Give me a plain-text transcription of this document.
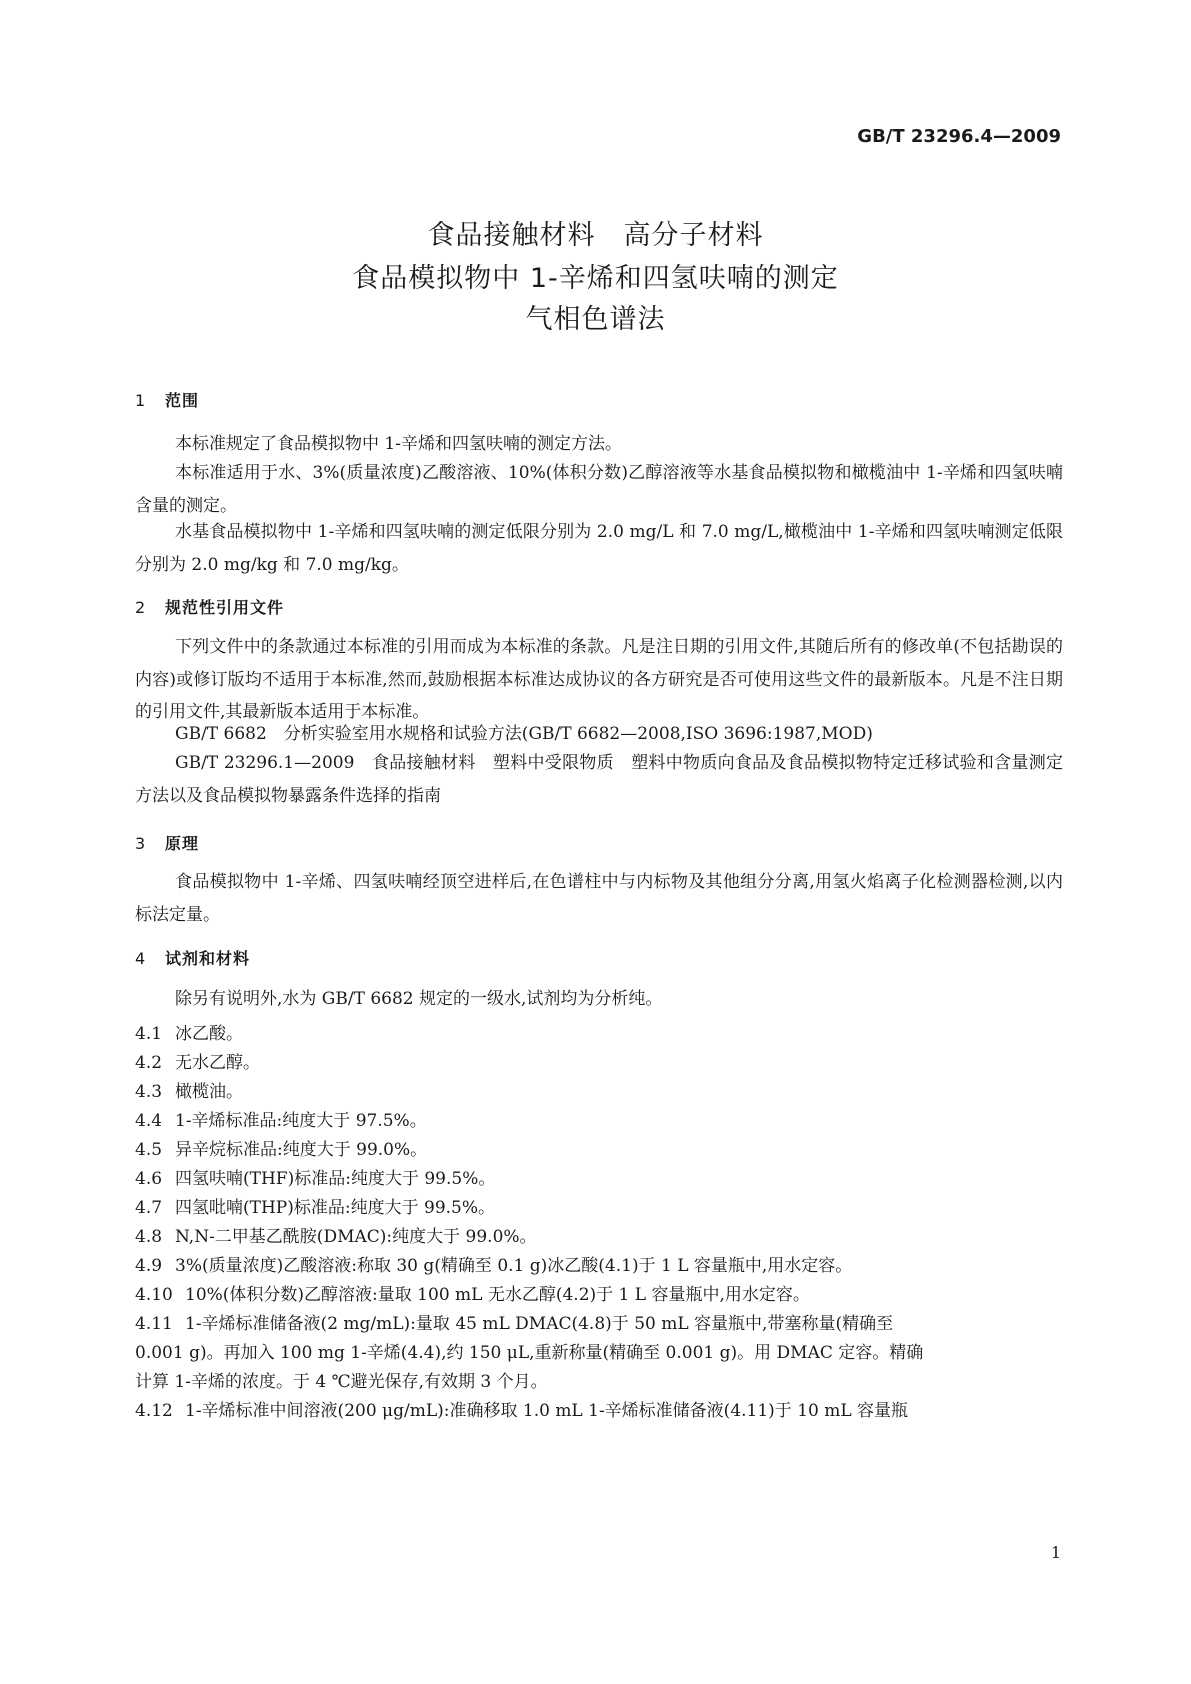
GB/T 23296.4—2009
食品接触材料　高分子材料
食品模拟物中 1-辛烯和四氢呋喃的测定
气相色谱法
1 范围
本标准规定了食品模拟物中 1-辛烯和四氢呋喃的测定方法。
本标准适用于水、3%(质量浓度)乙酸溶液、10%(体积分数)乙醇溶液等水基食品模拟物和橄榄油中 1-辛烯和四氢呋喃含量的测定。
水基食品模拟物中 1-辛烯和四氢呋喃的测定低限分别为 2.0 mg/L 和 7.0 mg/L,橄榄油中 1-辛烯和四氢呋喃测定低限分别为 2.0 mg/kg 和 7.0 mg/kg。
2 规范性引用文件
下列文件中的条款通过本标准的引用而成为本标准的条款。凡是注日期的引用文件,其随后所有的修改单(不包括勘误的内容)或修订版均不适用于本标准,然而,鼓励根据本标准达成协议的各方研究是否可使用这些文件的最新版本。凡是不注日期的引用文件,其最新版本适用于本标准。
GB/T 6682　分析实验室用水规格和试验方法(GB/T 6682—2008,ISO 3696:1987,MOD)
GB/T 23296.1—2009　食品接触材料　塑料中受限物质　塑料中物质向食品及食品模拟物特定迁移试验和含量测定方法以及食品模拟物暴露条件选择的指南
3 原理
食品模拟物中 1-辛烯、四氢呋喃经顶空进样后,在色谱柱中与内标物及其他组分分离,用氢火焰离子化检测器检测,以内标法定量。
4 试剂和材料
除另有说明外,水为 GB/T 6682 规定的一级水,试剂均为分析纯。
4.1 冰乙酸。
4.2 无水乙醇。
4.3 橄榄油。
4.4 1-辛烯标准品:纯度大于 97.5%。
4.5 异辛烷标准品:纯度大于 99.0%。
4.6 四氢呋喃(THF)标准品:纯度大于 99.5%。
4.7 四氢吡喃(THP)标准品:纯度大于 99.5%。
4.8 N,N-二甲基乙酰胺(DMAC):纯度大于 99.0%。
4.9 3%(质量浓度)乙酸溶液:称取 30 g(精确至 0.1 g)冰乙酸(4.1)于 1 L 容量瓶中,用水定容。
4.10 10%(体积分数)乙醇溶液:量取 100 mL 无水乙醇(4.2)于 1 L 容量瓶中,用水定容。
4.11 1-辛烯标准储备液(2 mg/mL):量取 45 mL DMAC(4.8)于 50 mL 容量瓶中,带塞称量(精确至
0.001 g)。再加入 100 mg 1-辛烯(4.4),约 150 μL,重新称量(精确至 0.001 g)。用 DMAC 定容。精确
计算 1-辛烯的浓度。于 4 ℃避光保存,有效期 3 个月。
4.12 1-辛烯标准中间溶液(200 μg/mL):准确移取 1.0 mL 1-辛烯标准储备液(4.11)于 10 mL 容量瓶
1
